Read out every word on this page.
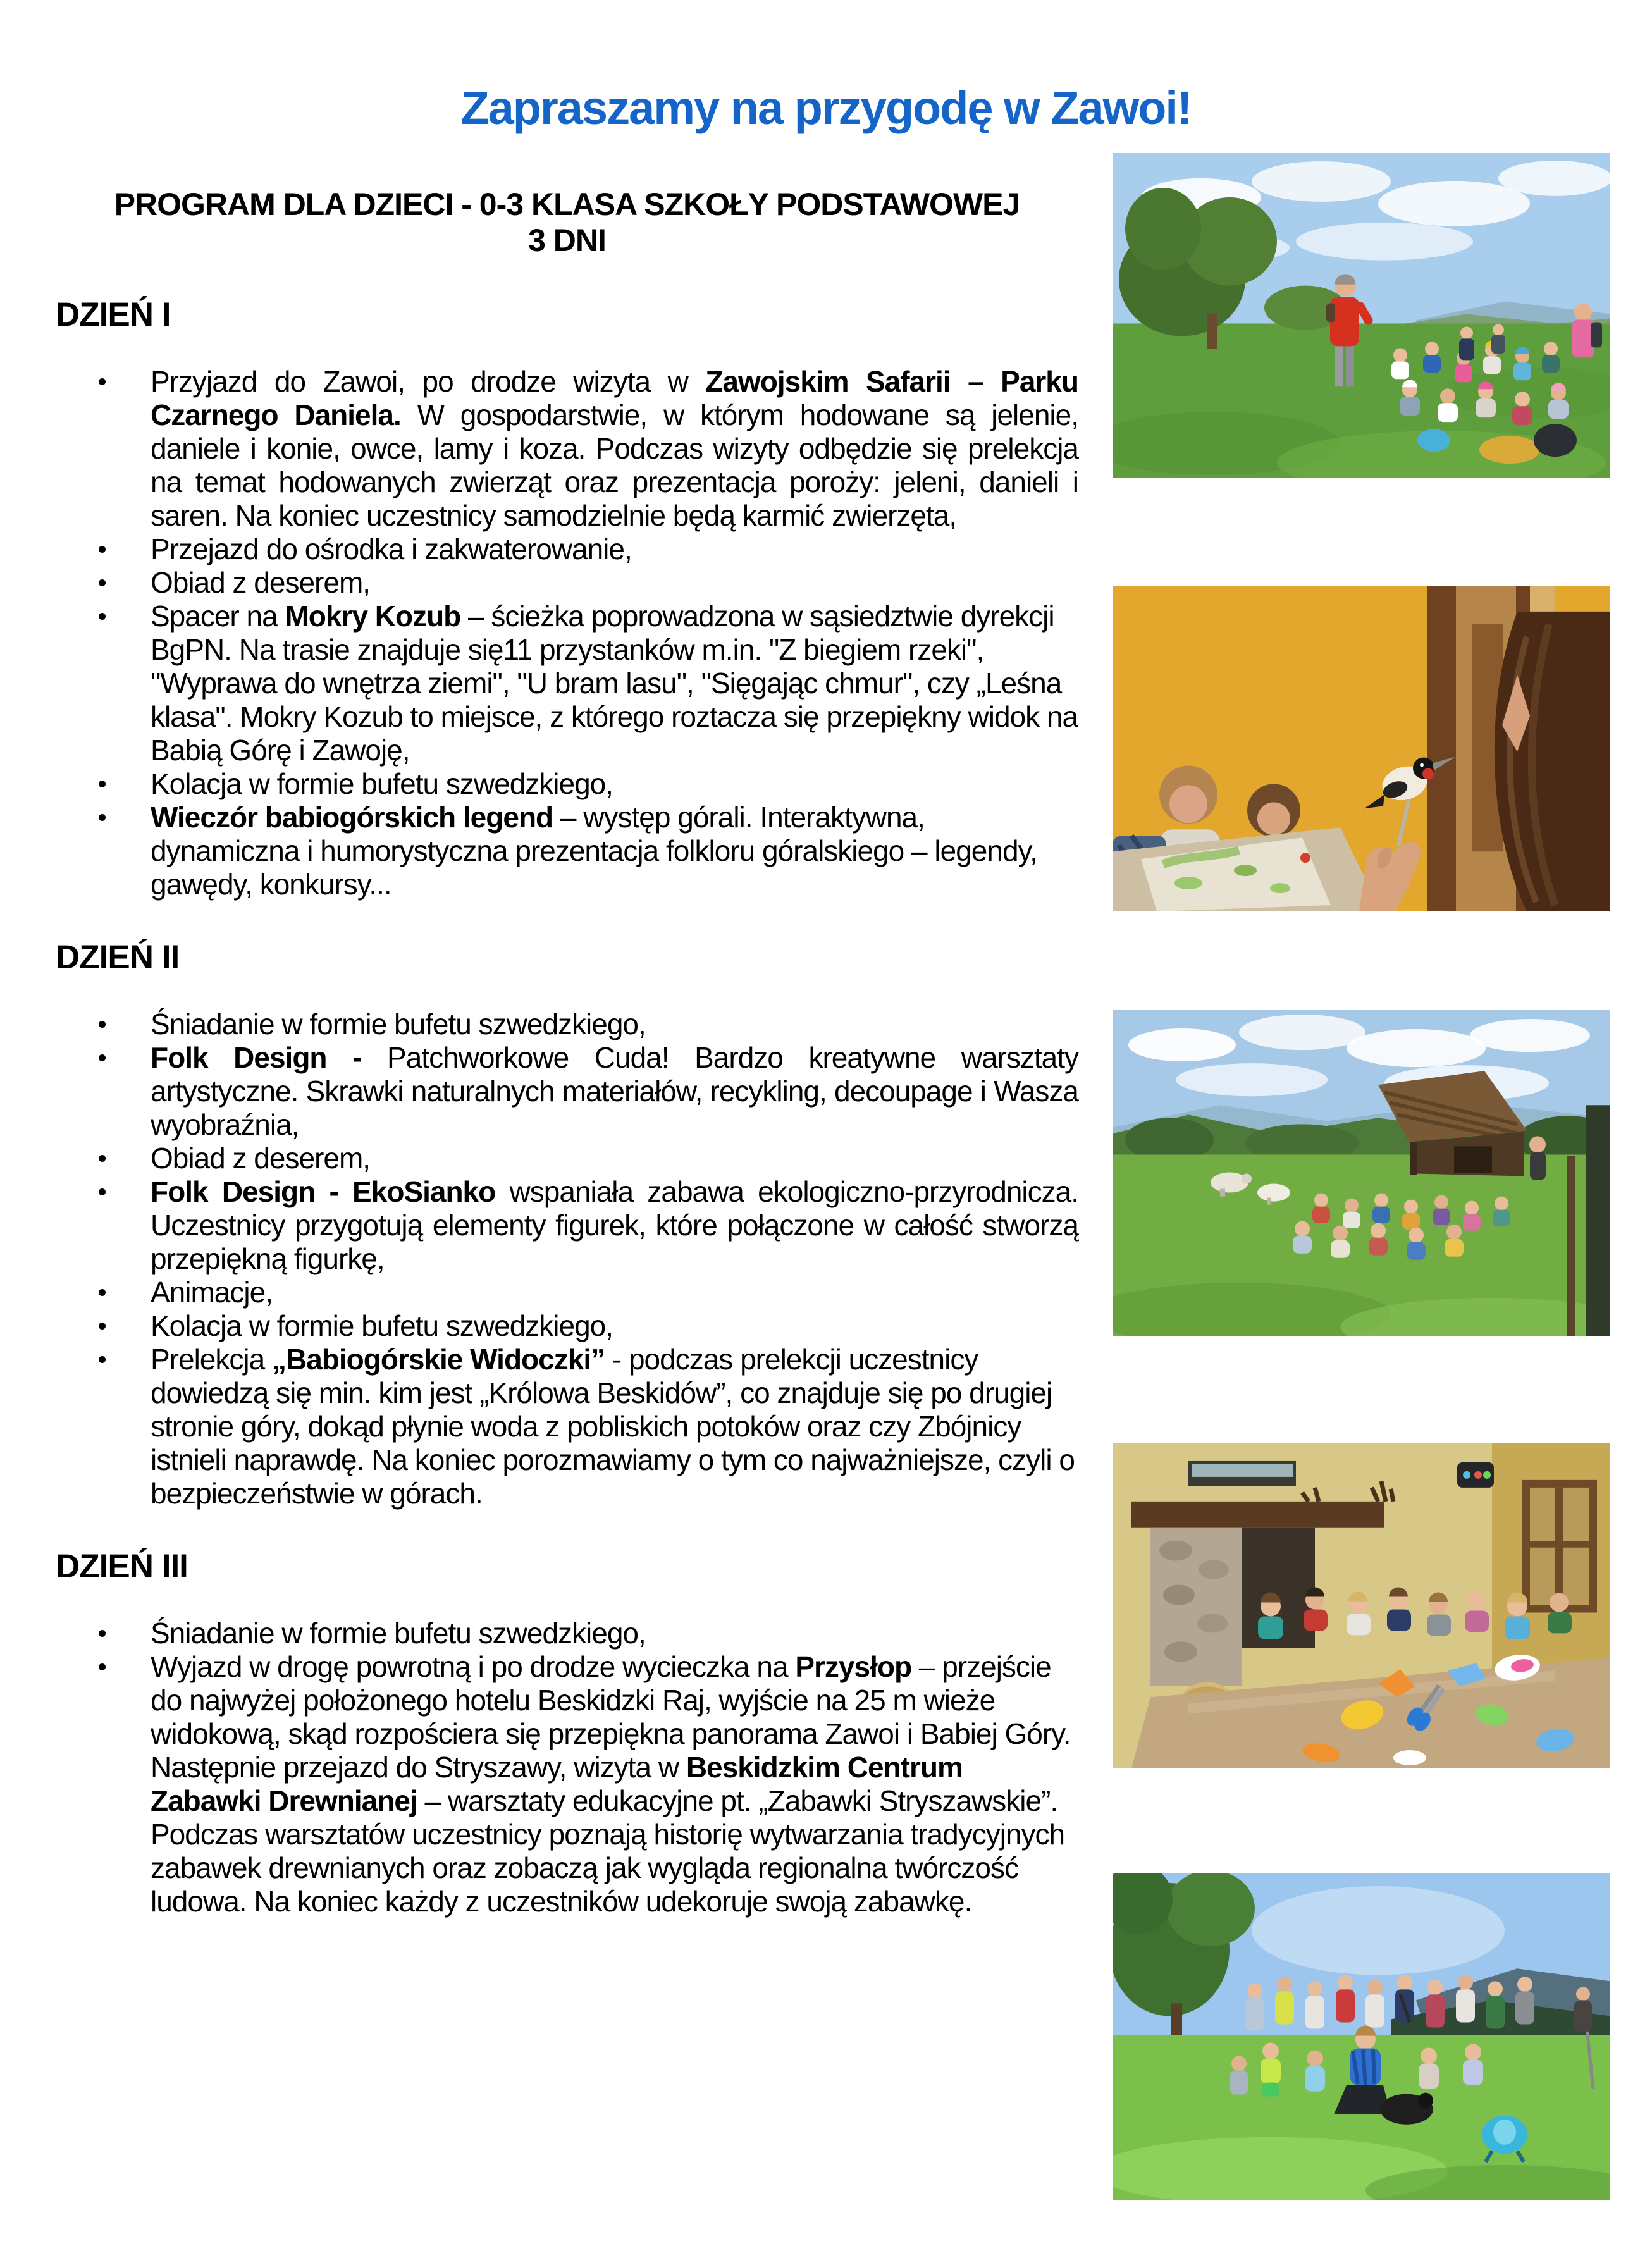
Zapraszamy na przygodę w Zawoi!
PROGRAM DLA DZIECI - 0-3 KLASA SZKOŁY PODSTAWOWEJ
3 DNI
DZIEŃ I
Przyjazd do Zawoi, po drodze wizyta w Zawojskim Safarii – Parku Czarnego Daniela. W gospodarstwie, w którym hodowane są jelenie, daniele i konie, owce, lamy i koza. Podczas wizyty odbędzie się prelekcja na temat hodowanych zwierząt oraz prezentacja poroży: jeleni, danieli i saren. Na koniec uczestnicy samodzielnie będą karmić zwierzęta,
Przejazd do ośrodka i zakwaterowanie,
Obiad z deserem,
Spacer na Mokry Kozub – ścieżka poprowadzona w sąsiedztwie dyrekcji BgPN. Na trasie znajduje się11 przystanków m.in. "Z biegiem rzeki", "Wyprawa do wnętrza ziemi", "U bram lasu", "Sięgając chmur", czy „Leśna klasa". Mokry Kozub to miejsce, z którego roztacza się przepiękny widok na Babią Górę i Zawoję,
Kolacja w formie bufetu szwedzkiego,
Wieczór babiogórskich legend – występ górali. Interaktywna, dynamiczna i humorystyczna prezentacja folkloru góralskiego – legendy, gawędy, konkursy...
DZIEŃ II
Śniadanie w formie bufetu szwedzkiego,
Folk Design - Patchworkowe Cuda! Bardzo kreatywne warsztaty artystyczne. Skrawki naturalnych materiałów, recykling, decoupage i Wasza wyobraźnia,
Obiad z deserem,
Folk Design - EkoSianko wspaniała zabawa ekologiczno-przyrodnicza. Uczestnicy przygotują elementy figurek, które połączone w całość stworzą przepiękną figurkę,
Animacje,
Kolacja w formie bufetu szwedzkiego,
Prelekcja „Babiogórskie Widoczki” - podczas prelekcji uczestnicy dowiedzą się min. kim jest „Królowa Beskidów”, co znajduje się po drugiej stronie góry, dokąd płynie woda z pobliskich potoków oraz czy Zbójnicy istnieli naprawdę. Na koniec porozmawiamy o tym co najważniejsze, czyli o bezpieczeństwie w górach.
DZIEŃ III
Śniadanie w formie bufetu szwedzkiego,
Wyjazd w drogę powrotną i po drodze wycieczka na Przysłop – przejście do najwyżej położonego hotelu Beskidzki Raj, wyjście na 25 m wieże widokową, skąd rozpościera się przepiękna panorama Zawoi i Babiej Góry. Następnie przejazd do Stryszawy, wizyta w Beskidzkim Centrum Zabawki Drewnianej – warsztaty edukacyjne pt. „Zabawki Stryszawskie”. Podczas warsztatów uczestnicy poznają historię wytwarzania tradycyjnych zabawek drewnianych oraz zobaczą jak wygląda regionalna twórczość ludowa. Na koniec każdy z uczestników udekoruje swoją zabawkę.
